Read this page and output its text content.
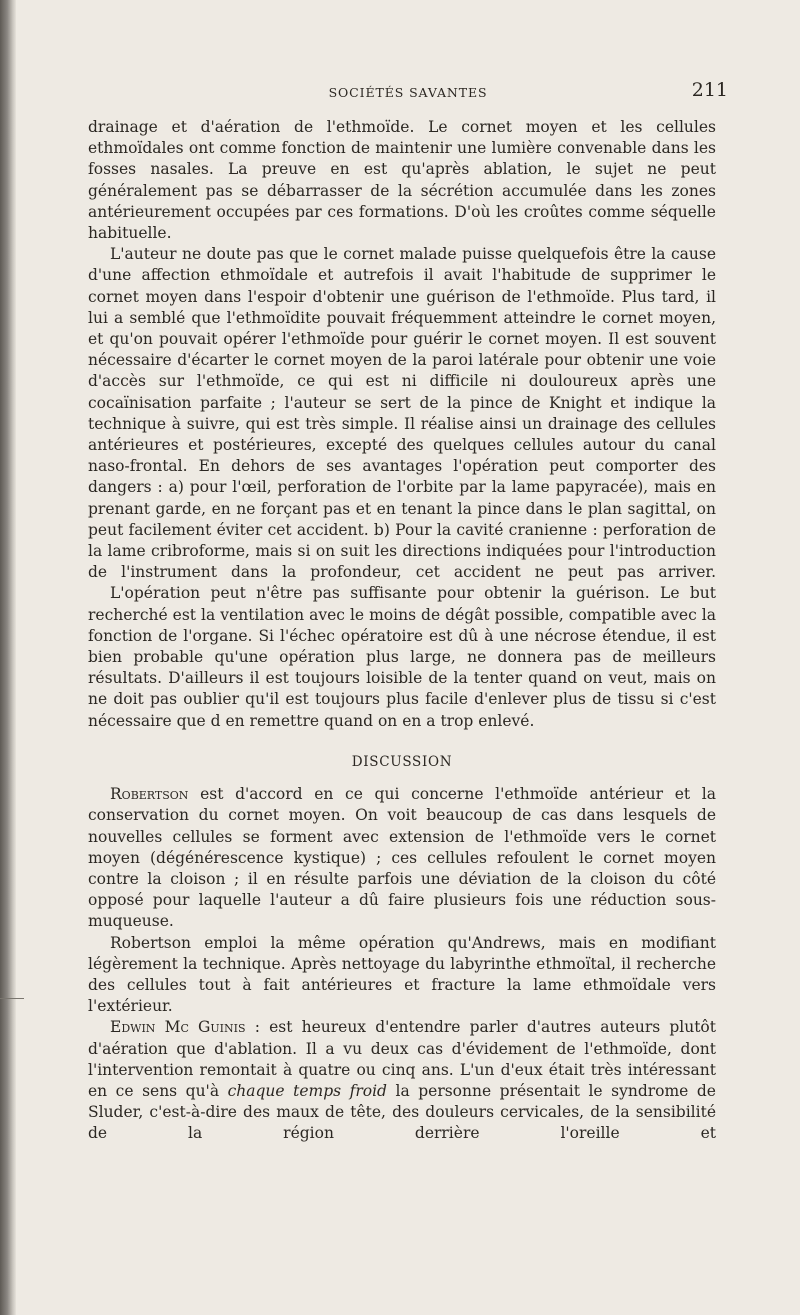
SOCIÉTÉS SAVANTES	211

drainage et d'aération de l'ethmoïde. Le cornet moyen et les cellules ethmoïdales ont comme fonction de maintenir une lumière convenable dans les fosses nasales. La preuve en est qu'après ablation, le sujet ne peut généralement pas se débarrasser de la sécrétion accumulée dans les zones antérieurement occupées par ces formations. D'où les croûtes comme séquelle habituelle.

L'auteur ne doute pas que le cornet malade puisse quelquefois être la cause d'une affection ethmoïdale et autrefois il avait l'habitude de supprimer le cornet moyen dans l'espoir d'obtenir une guérison de l'ethmoïde. Plus tard, il lui a semblé que l'ethmoïdite pouvait fréquemment atteindre le cornet moyen, et qu'on pouvait opérer l'ethmoïde pour guérir le cornet moyen. Il est souvent nécessaire d'écarter le cornet moyen de la paroi latérale pour obtenir une voie d'accès sur l'ethmoïde, ce qui est ni difficile ni douloureux après une cocaïnisation parfaite ; l'auteur se sert de la pince de Knight et indique la technique à suivre, qui est très simple. Il réalise ainsi un drainage des cellules antérieures et postérieures, excepté des quelques cellules autour du canal naso-frontal. En dehors de ses avantages l'opération peut comporter des dangers : a) pour l'œil, perforation de l'orbite par la lame papyracée), mais en prenant garde, en ne forçant pas et en tenant la pince dans le plan sagittal, on peut facilement éviter cet accident. b) Pour la cavité cranienne : perforation de la lame cribroforme, mais si on suit les directions indiquées pour l'introduction de l'instrument dans la profondeur, cet accident ne peut pas arriver.

L'opération peut n'être pas suffisante pour obtenir la guérison. Le but recherché est la ventilation avec le moins de dégât possible, compatible avec la fonction de l'organe. Si l'échec opératoire est dû à une nécrose étendue, il est bien probable qu'une opération plus large, ne donnera pas de meilleurs résultats. D'ailleurs il est toujours loisible de la tenter quand on veut, mais on ne doit pas oublier qu'il est toujours plus facile d'enlever plus de tissu si c'est nécessaire que d en remettre quand on en a trop enlevé.

DISCUSSION

Robertson est d'accord en ce qui concerne l'ethmoïde antérieur et la conservation du cornet moyen. On voit beaucoup de cas dans lesquels de nouvelles cellules se forment avec extension de l'ethmoïde vers le cornet moyen (dégénérescence kystique) ; ces cellules refoulent le cornet moyen contre la cloison ; il en résulte parfois une déviation de la cloison du côté opposé pour laquelle l'auteur a dû faire plusieurs fois une réduction sous-muqueuse.

Robertson emploi la même opération qu'Andrews, mais en modifiant légèrement la technique. Après nettoyage du labyrinthe ethmoïtal, il recherche des cellules tout à fait antérieures et fracture la lame ethmoïdale vers l'extérieur.

Edwin Mc Guinis : est heureux d'entendre parler d'autres auteurs plutôt d'aération que d'ablation. Il a vu deux cas d'évidement de l'ethmoïde, dont l'intervention remontait à quatre ou cinq ans. L'un d'eux était très intéressant en ce sens qu'à chaque temps froid la personne présentait le syndrome de Sluder, c'est-à-dire des maux de tête, des douleurs cervicales, de la sensibilité de la région derrière l'oreille et
